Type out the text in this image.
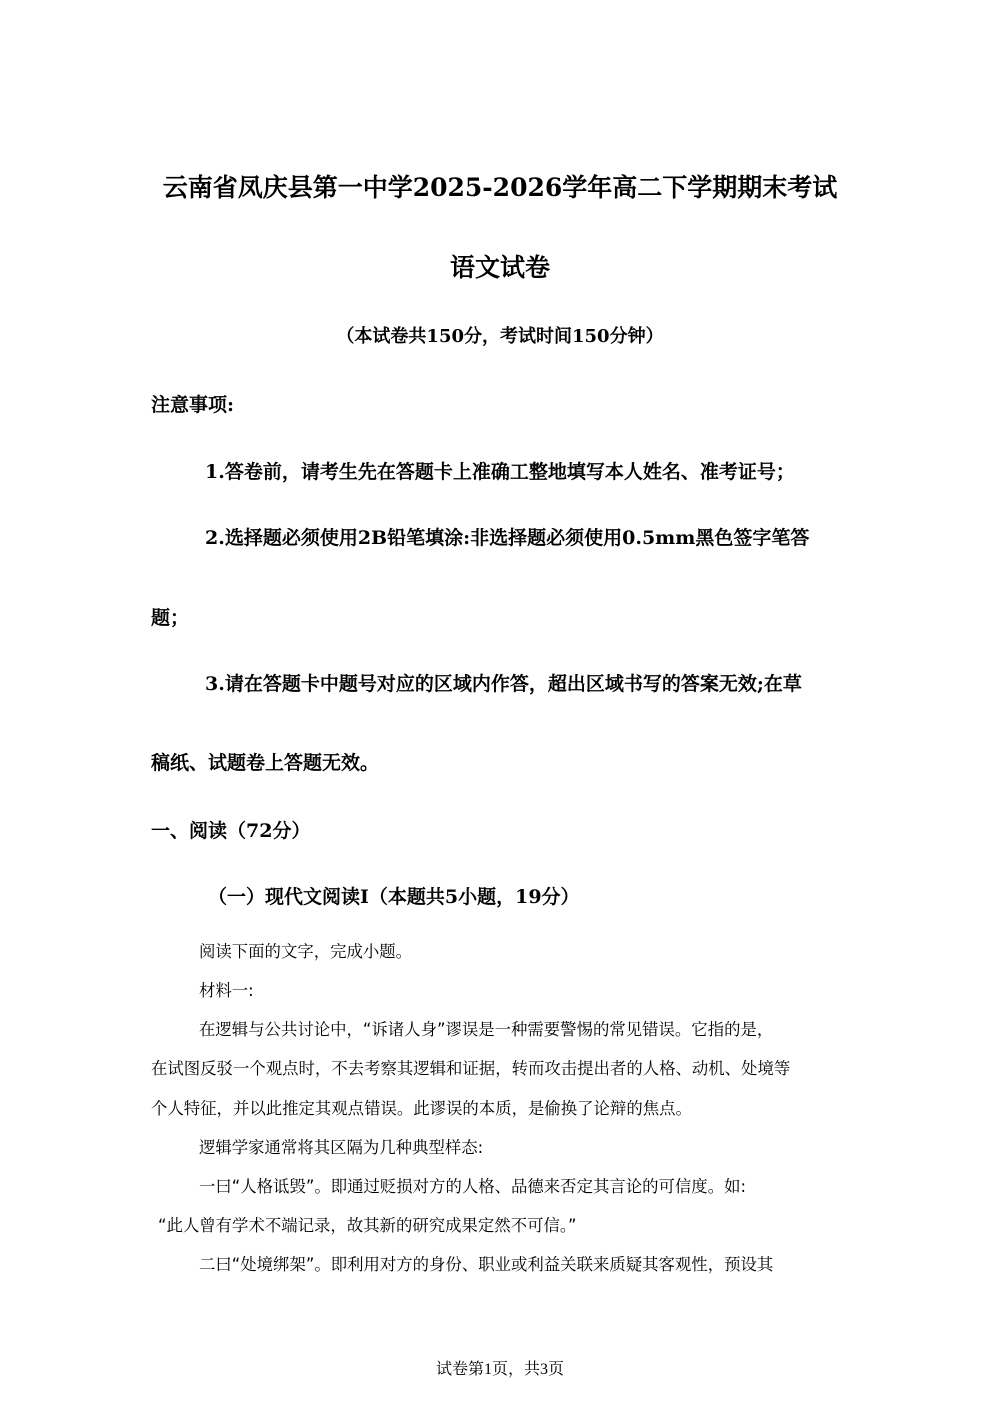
云南省凤庆县第一中学2025-2026学年高二下学期期末考试
语文试卷
（本试卷共150分，考试时间150分钟）
注意事项:
1.答卷前，请考生先在答题卡上准确工整地填写本人姓名、准考证号；
2.选择题必须使用2B铅笔填涂:非选择题必须使用0.5mm黑色签字笔答
题；
3.请在答题卡中题号对应的区域内作答，超出区域书写的答案无效;在草
稿纸、试题卷上答题无效。
一、阅读（72分）
（一）现代文阅读Ⅰ（本题共5小题，19分）
阅读下面的文字，完成小题。
材料一:
在逻辑与公共讨论中，“诉诸人身”谬误是一种需要警惕的常见错误。它指的是，
在试图反驳一个观点时，不去考察其逻辑和证据，转而攻击提出者的人格、动机、处境等
个人特征，并以此推定其观点错误。此谬误的本质，是偷换了论辩的焦点。
逻辑学家通常将其区隔为几种典型样态:
一曰“人格诋毁”。即通过贬损对方的人格、品德来否定其言论的可信度。如:
“此人曾有学术不端记录，故其新的研究成果定然不可信。”
二曰“处境绑架”。即利用对方的身份、职业或利益关联来质疑其客观性，预设其
试卷第1页，共3页
